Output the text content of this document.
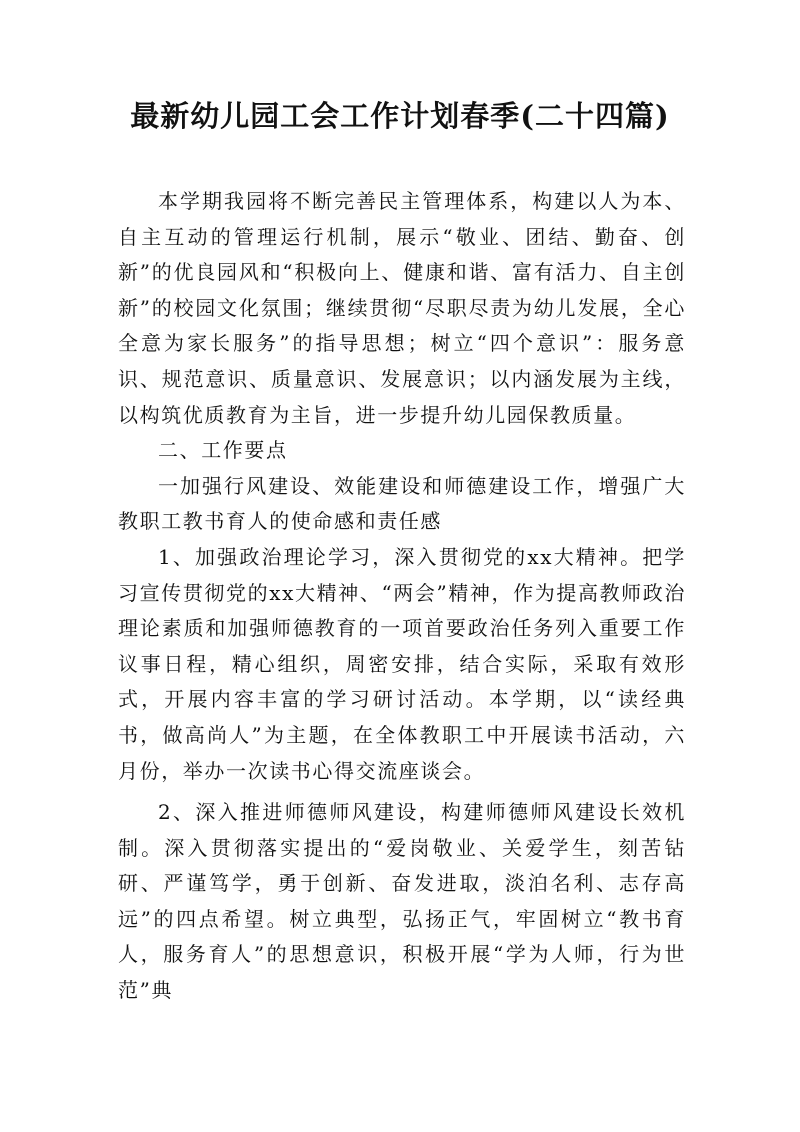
最新幼儿园工会工作计划春季(二十四篇)

本学期我园将不断完善民主管理体系，构建以人为本、自主互动的管理运行机制，展示“敬业、团结、勤奋、创新”的优良园风和“积极向上、健康和谐、富有活力、自主创新”的校园文化氛围；继续贯彻“尽职尽责为幼儿发展，全心全意为家长服务”的指导思想；树立“四个意识”：服务意识、规范意识、质量意识、发展意识；以内涵发展为主线，以构筑优质教育为主旨，进一步提升幼儿园保教质量。

二、工作要点

一加强行风建设、效能建设和师德建设工作，增强广大教职工教书育人的使命感和责任感

1、加强政治理论学习，深入贯彻党的xx大精神。把学习宣传贯彻党的xx大精神、“两会”精神，作为提高教师政治理论素质和加强师德教育的一项首要政治任务列入重要工作议事日程，精心组织，周密安排，结合实际，采取有效形式，开展内容丰富的学习研讨活动。本学期，以“读经典书，做高尚人”为主题，在全体教职工中开展读书活动，六月份，举办一次读书心得交流座谈会。

2、深入推进师德师风建设，构建师德师风建设长效机制。深入贯彻落实提出的“爱岗敬业、关爱学生，刻苦钻研、严谨笃学，勇于创新、奋发进取，淡泊名利、志存高远”的四点希望。树立典型，弘扬正气，牢固树立“教书育人，服务育人”的思想意识，积极开展“学为人师，行为世范”典
